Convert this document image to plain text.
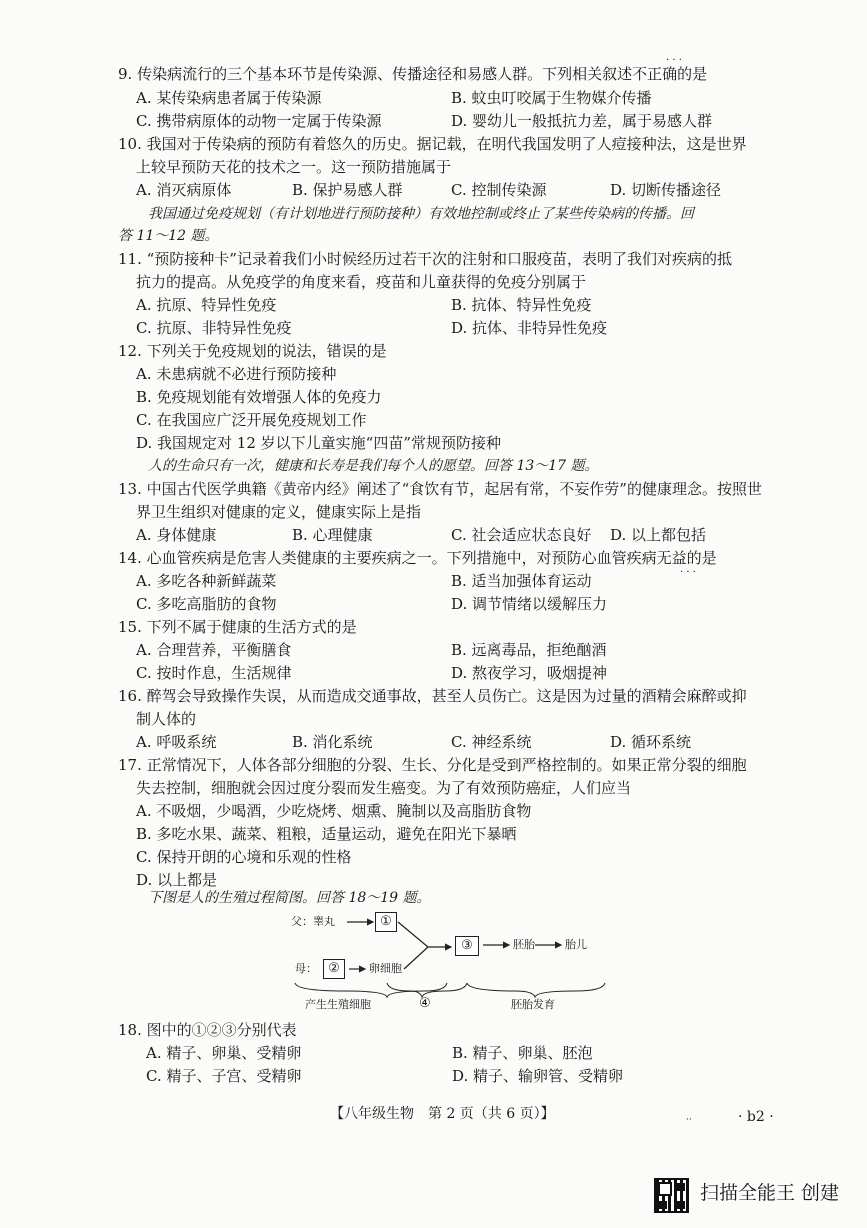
9. 传染病流行的三个基本环节是传染源、传播途径和易感人群。下列相关叙述不正确的是
· · ·
A. 某传染病患者属于传染源	B. 蚊虫叮咬属于生物媒介传播
C. 携带病原体的动物一定属于传染源	D. 婴幼儿一般抵抗力差，属于易感人群
10. 我国对于传染病的预防有着悠久的历史。据记载，在明代我国发明了人痘接种法，这是世界
上较早预防天花的技术之一。这一预防措施属于
A. 消灭病原体	B. 保护易感人群	C. 控制传染源	D. 切断传播途径
我国通过免疫规划（有计划地进行预防接种）有效地控制或终止了某些传染病的传播。回
答 11～12 题。
11. “预防接种卡”记录着我们小时候经历过若干次的注射和口服疫苗，表明了我们对疾病的抵
抗力的提高。从免疫学的角度来看，疫苗和儿童获得的免疫分别属于
A. 抗原、特异性免疫	B. 抗体、特异性免疫
C. 抗原、非特异性免疫	D. 抗体、非特异性免疫
12. 下列关于免疫规划的说法，错误的是
A. 未患病就不必进行预防接种
B. 免疫规划能有效增强人体的免疫力
C. 在我国应广泛开展免疫规划工作
D. 我国规定对 12 岁以下儿童实施“四苗”常规预防接种
人的生命只有一次，健康和长寿是我们每个人的愿望。回答 13～17 题。
13. 中国古代医学典籍《黄帝内经》阐述了“食饮有节，起居有常，不妄作劳”的健康理念。按照世
界卫生组织对健康的定义，健康实际上是指
A. 身体健康	B. 心理健康	C. 社会适应状态良好 D. 以上都包括
14. 心血管疾病是危害人类健康的主要疾病之一。下列措施中，对预防心血管疾病无益的是
· · ·
A. 多吃各种新鲜蔬菜	B. 适当加强体育运动
C. 多吃高脂肪的食物	D. 调节情绪以缓解压力
15. 下列不属于健康的生活方式的是
A. 合理营养，平衡膳食	B. 远离毒品，拒绝酗酒
C. 按时作息，生活规律	D. 熬夜学习，吸烟提神
16. 醉驾会导致操作失误，从而造成交通事故，甚至人员伤亡。这是因为过量的酒精会麻醉或抑
制人体的
A. 呼吸系统	B. 消化系统	C. 神经系统	D. 循环系统
17. 正常情况下，人体各部分细胞的分裂、生长、分化是受到严格控制的。如果正常分裂的细胞
失去控制，细胞就会因过度分裂而发生癌变。为了有效预防癌症，人们应当
A. 不吸烟，少喝酒，少吃烧烤、烟熏、腌制以及高脂肪食物
B. 多吃水果、蔬菜、粗粮，适量运动，避免在阳光下暴晒
C. 保持开朗的心境和乐观的性格
D. 以上都是
下图是人的生殖过程简图。回答 18～19 题。
父：睾丸	①
母： ②	卵细胞
③	胚胎	胎儿
产生生殖细胞	④	胚胎发育
18. 图中的①②③分别代表
A. 精子、卵巢、受精卵	B. 精子、卵巢、胚泡
C. 精子、子宫、受精卵	D. 精子、输卵管、受精卵
【八年级生物　第 2 页（共 6 页）】	··	· b2 ·
扫描全能王 创建
